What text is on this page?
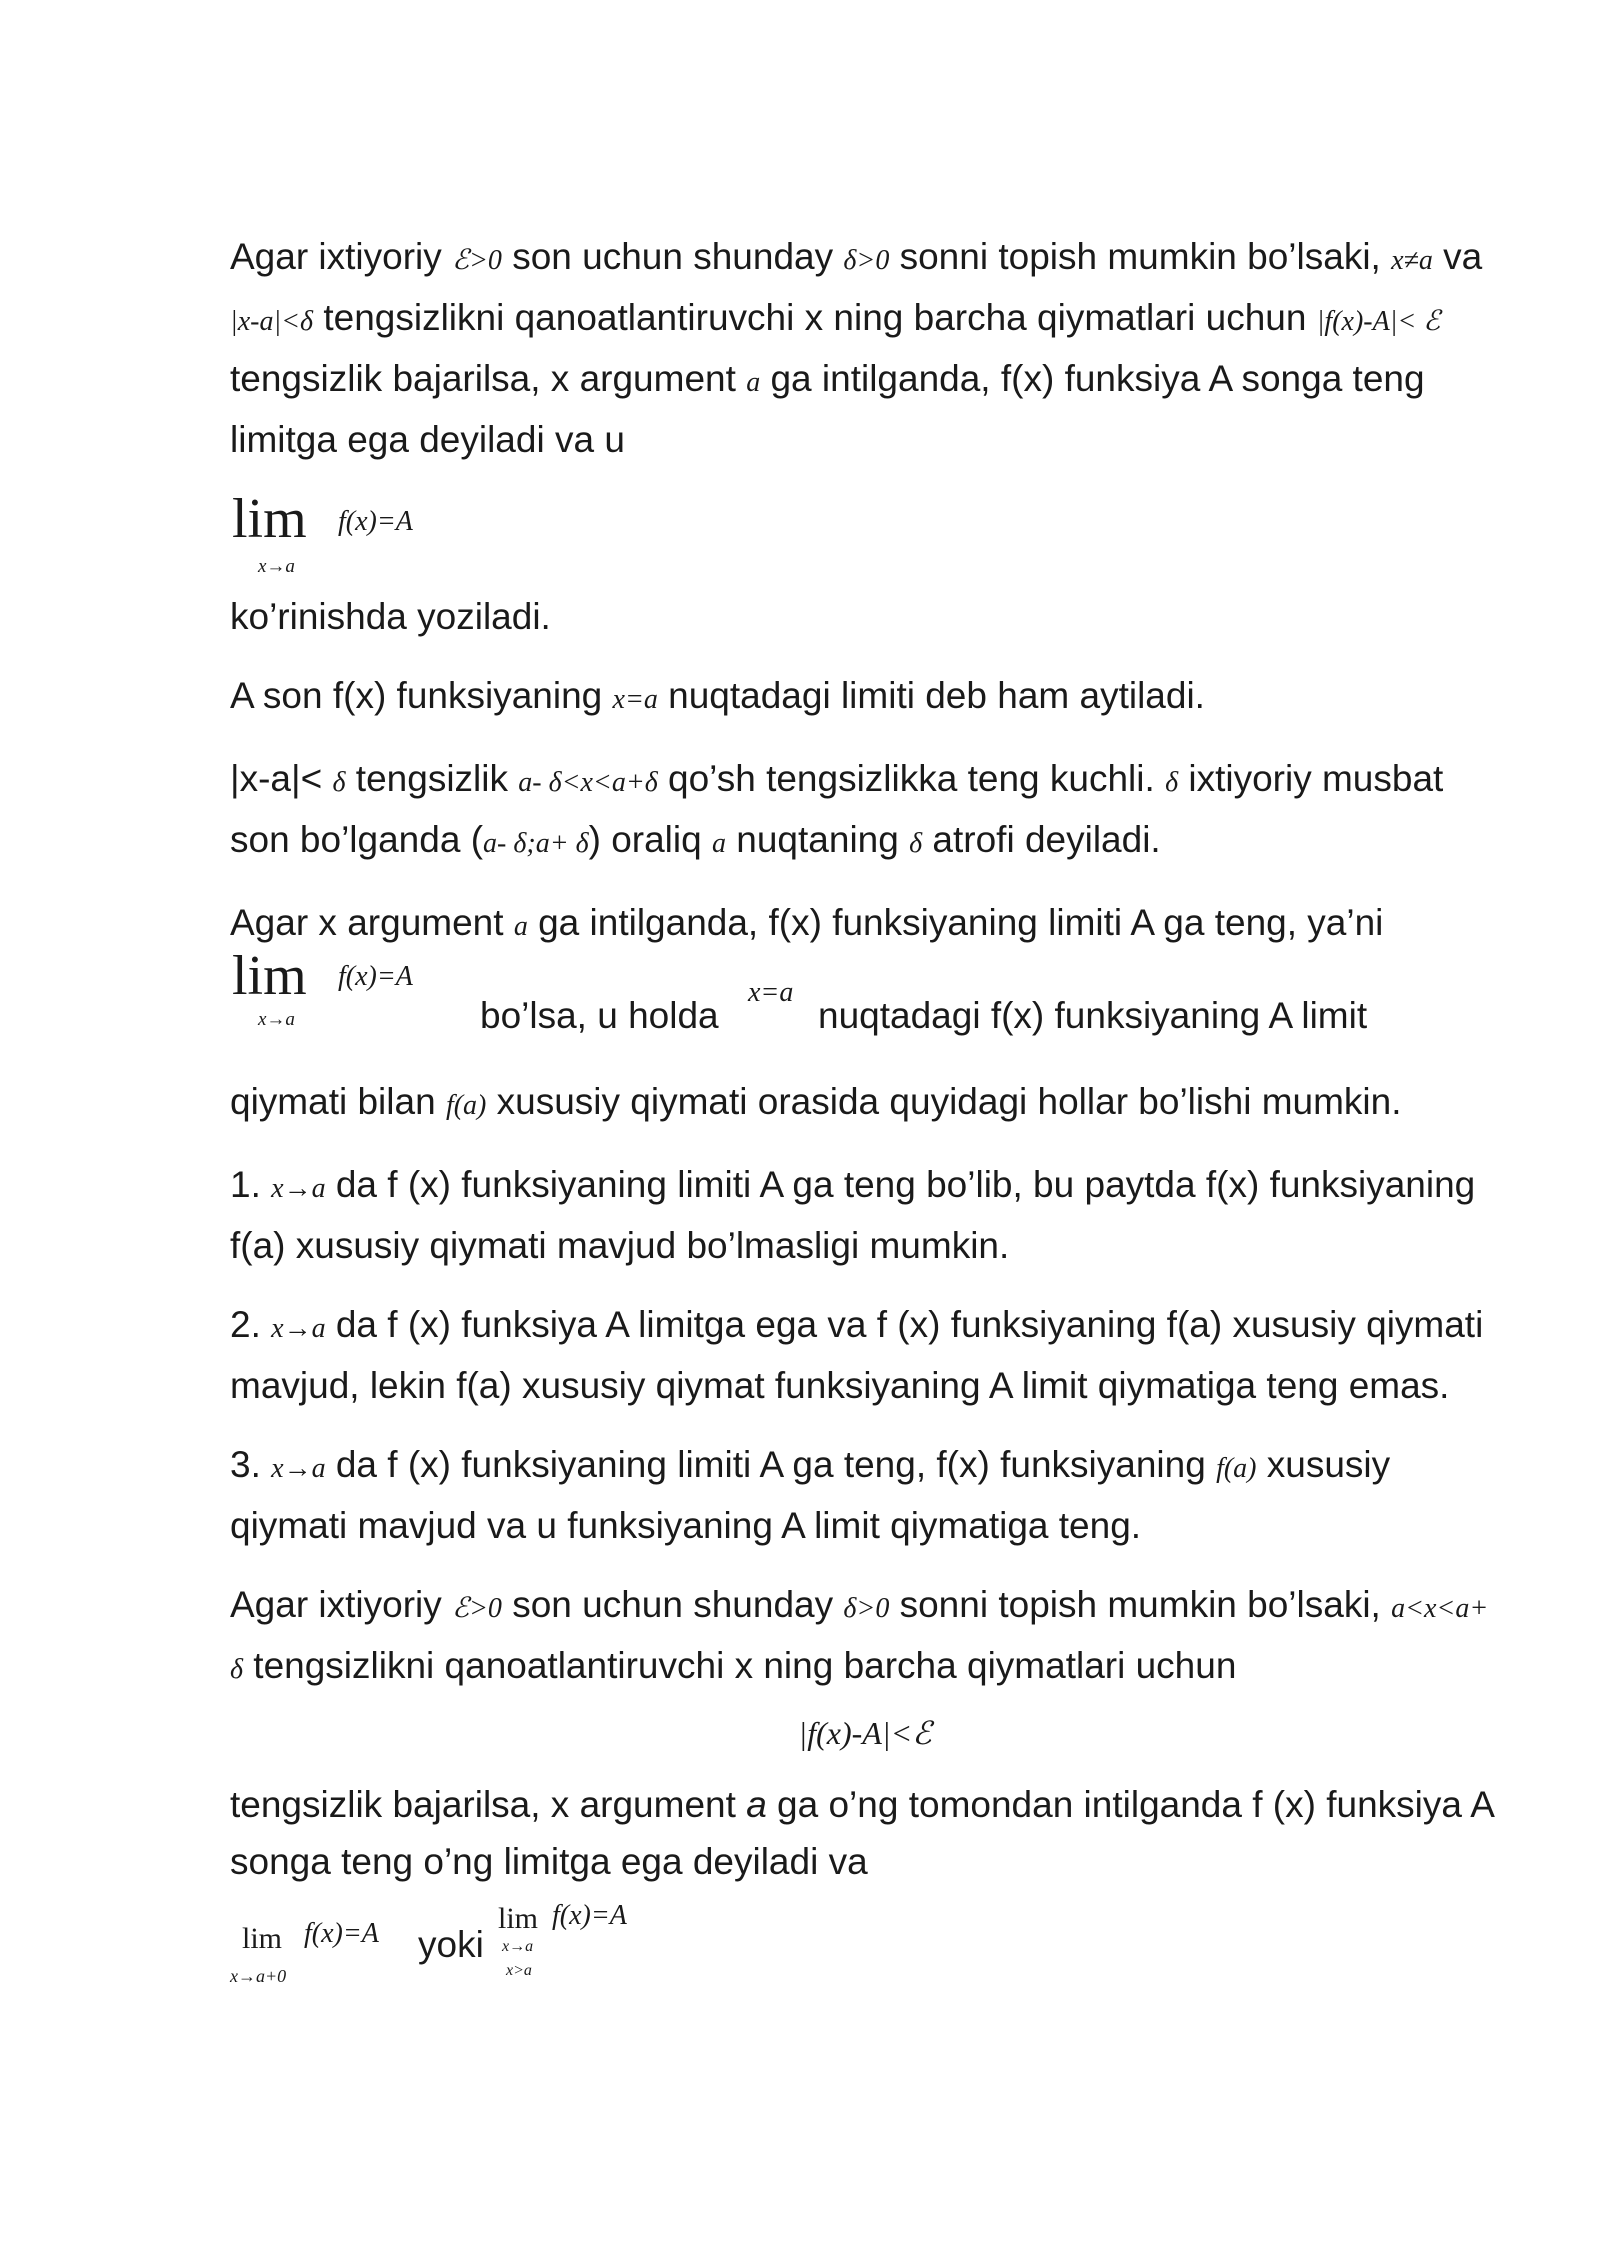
Agar ixtiyoriy ℰ>0 son uchun shunday δ>0 sonni topish mumkin bo’lsaki, x≠a va |x-a|<δ tengsizlikni qanoatlantiruvchi x ning barcha qiymatlari uchun |f(x)-A|< ℰ tengsizlik bajarilsa, x argument a ga intilganda, f(x) funksiya A songa teng limitga ega deyiladi va u

lim f(x)=A
x→a

ko’rinishda yoziladi.

A son f(x) funksiyaning x=a nuqtadagi limiti deb ham aytiladi.

|x-a|< δ tengsizlik a- δ<x<a+δ qo’sh tengsizlikka teng kuchli. δ ixtiyoriy musbat son bo’lganda (a- δ;a+ δ) oraliq a nuqtaning δ atrofi deyiladi.

Agar x argument a ga intilganda, f(x) funksiyaning limiti A ga teng, ya’ni

lim f(x)=A
x→a	bo’lsa, u holda
x=a
nuqtadagi f(x) funksiyaning A limit

qiymati bilan f(a) xususiy qiymati orasida quyidagi hollar bo’lishi mumkin.

1. x→a da f (x) funksiyaning limiti A ga teng bo’lib, bu paytda f(x) funksiyaning f(a) xususiy qiymati mavjud bo’lmasligi mumkin.

2. x→a da f (x) funksiya A limitga ega va f (x) funksiyaning f(a) xususiy qiymati mavjud, lekin f(a) xususiy qiymat funksiyaning A limit qiymatiga teng emas.

3. x→a da f (x) funksiyaning limiti A ga teng, f(x) funksiyaning f(a) xususiy qiymati mavjud va u funksiyaning A limit qiymatiga teng.

Agar ixtiyoriy ℰ>0 son uchun shunday δ>0 sonni topish mumkin bo’lsaki, a<x<a+ δ tengsizlikni qanoatlantiruvchi x ning barcha qiymatlari uchun

|f(x)-A|<ℰ

tengsizlik bajarilsa, x argument a ga o’ng tomondan intilganda f (x) funksiya A songa teng o’ng limitga ega deyiladi va

lim
x→a+0
f(x)=A yoki
lim f(x)=A
x→a
x>a
